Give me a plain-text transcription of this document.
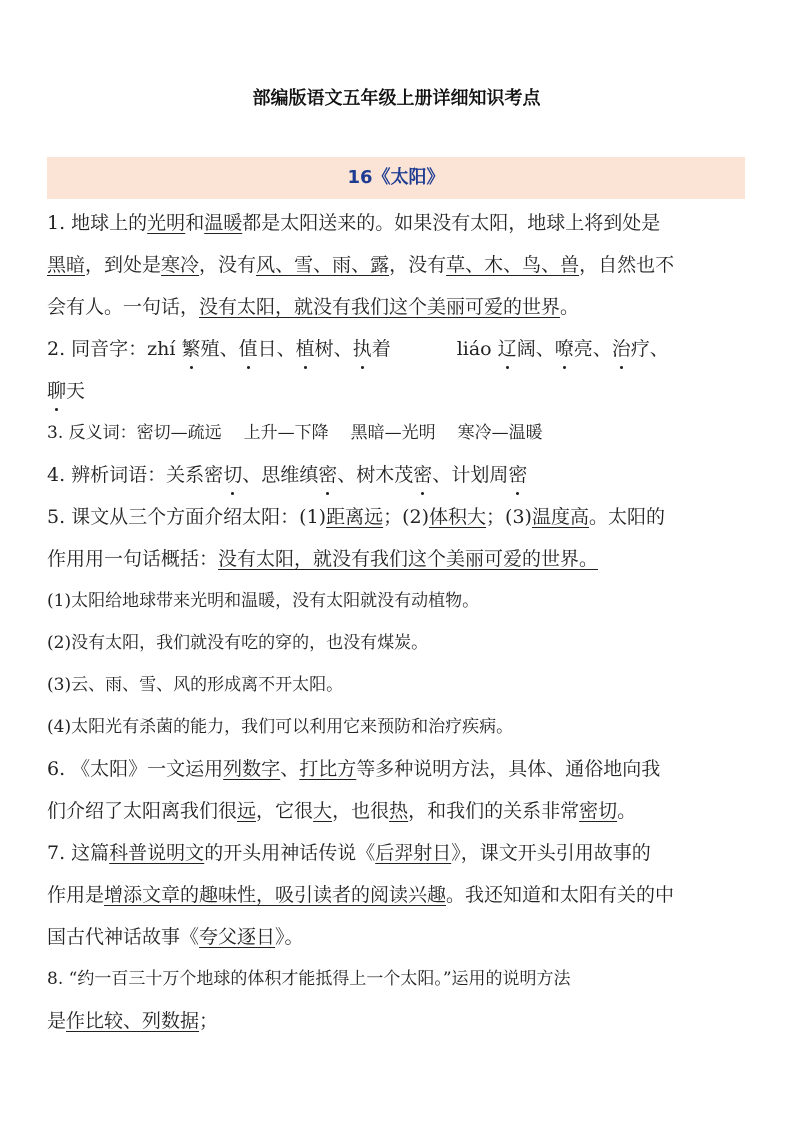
部编版语文五年级上册详细知识考点
16《太阳》
1. 地球上的光明和温暖都是太阳送来的。如果没有太阳，地球上将到处是
黑暗，到处是寒冷，没有风、雪、雨、露，没有草、木、鸟、兽，自然也不
会有人。一句话，没有太阳，就没有我们这个美丽可爱的世界。
2. 同音字：zhí 繁殖、值日、植树、执着	liáo 辽阔、嘹亮、治疗、
聊天
3. 反义词：密切—疏远 上升—下降 黑暗—光明 寒冷—温暖
4. 辨析词语：关系密切、思维缜密、树木茂密、计划周密
5. 课文从三个方面介绍太阳：(1)距离远；(2)体积大；(3)温度高。太阳的
作用用一句话概括：没有太阳，就没有我们这个美丽可爱的世界。
(1)太阳给地球带来光明和温暖，没有太阳就没有动植物。
(2)没有太阳，我们就没有吃的穿的，也没有煤炭。
(3)云、雨、雪、风的形成离不开太阳。
(4)太阳光有杀菌的能力，我们可以利用它来预防和治疗疾病。
6. 《太阳》一文运用列数字、打比方等多种说明方法，具体、通俗地向我
们介绍了太阳离我们很远，它很大，也很热，和我们的关系非常密切。
7. 这篇科普说明文的开头用神话传说《后羿射日》，课文开头引用故事的
作用是增添文章的趣味性，吸引读者的阅读兴趣。我还知道和太阳有关的中
国古代神话故事《夸父逐日》。
8. “约一百三十万个地球的体积才能抵得上一个太阳。”运用的说明方法
是作比较、列数据；
